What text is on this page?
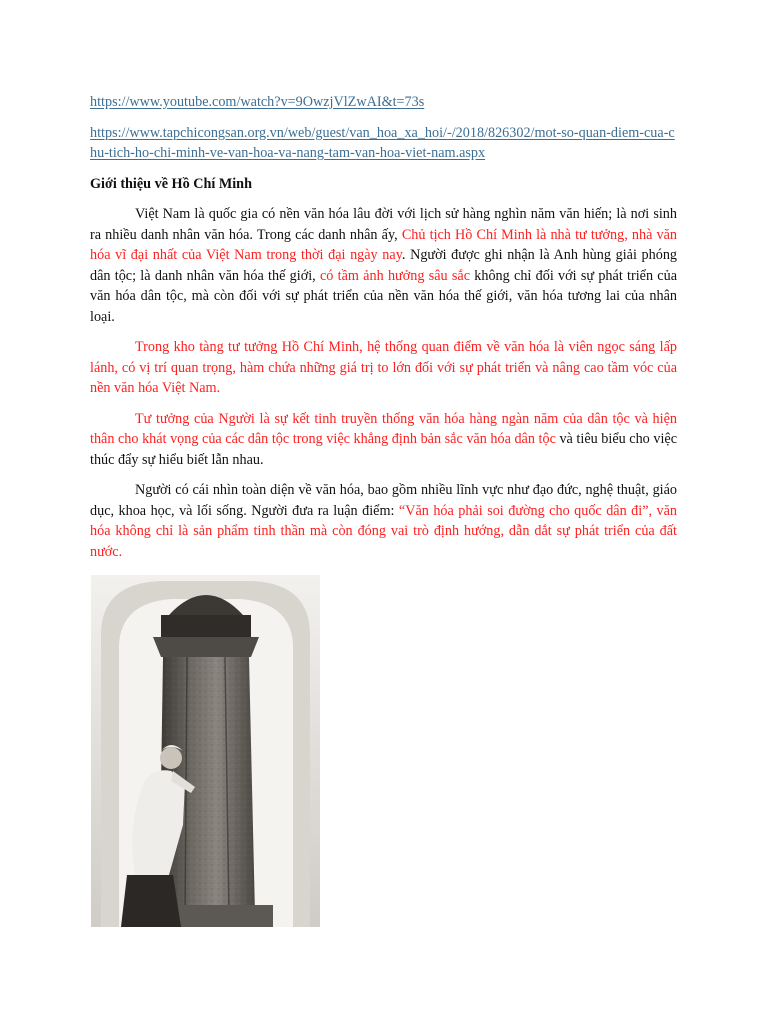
https://www.youtube.com/watch?v=9OwzjVlZwAI&t=73s
https://www.tapchicongsan.org.vn/web/guest/van_hoa_xa_hoi/-/2018/826302/mot-so-quan-diem-cua-chu-tich-ho-chi-minh-ve-van-hoa-va-nang-tam-van-hoa-viet-nam.aspx
Giới thiệu về Hồ Chí Minh

Việt Nam là quốc gia có nền văn hóa lâu đời với lịch sử hàng nghìn năm văn hiến; là nơi sinh ra nhiều danh nhân văn hóa. Trong các danh nhân ấy, Chủ tịch Hồ Chí Minh là nhà tư tưởng, nhà văn hóa vĩ đại nhất của Việt Nam trong thời đại ngày nay. Người được ghi nhận là Anh hùng giải phóng dân tộc; là danh nhân văn hóa thế giới, có tầm ảnh hưởng sâu sắc không chỉ đối với sự phát triển của văn hóa dân tộc, mà còn đối với sự phát triển của nền văn hóa thế giới, văn hóa tương lai của nhân loại.

Trong kho tàng tư tưởng Hồ Chí Minh, hệ thống quan điểm về văn hóa là viên ngọc sáng lấp lánh, có vị trí quan trọng, hàm chứa những giá trị to lớn đối với sự phát triển và nâng cao tầm vóc của nền văn hóa Việt Nam.

Tư tưởng của Người là sự kết tinh truyền thống văn hóa hàng ngàn năm của dân tộc và hiện thân cho khát vọng của các dân tộc trong việc khẳng định bản sắc văn hóa dân tộc và tiêu biểu cho việc thúc đẩy sự hiểu biết lẫn nhau.

Người có cái nhìn toàn diện về văn hóa, bao gồm nhiều lĩnh vực như đạo đức, nghệ thuật, giáo dục, khoa học, và lối sống. Người đưa ra luận điểm: “Văn hóa phải soi đường cho quốc dân đi”, văn hóa không chỉ là sản phẩm tinh thần mà còn đóng vai trò định hướng, dẫn dắt sự phát triển của đất nước.
